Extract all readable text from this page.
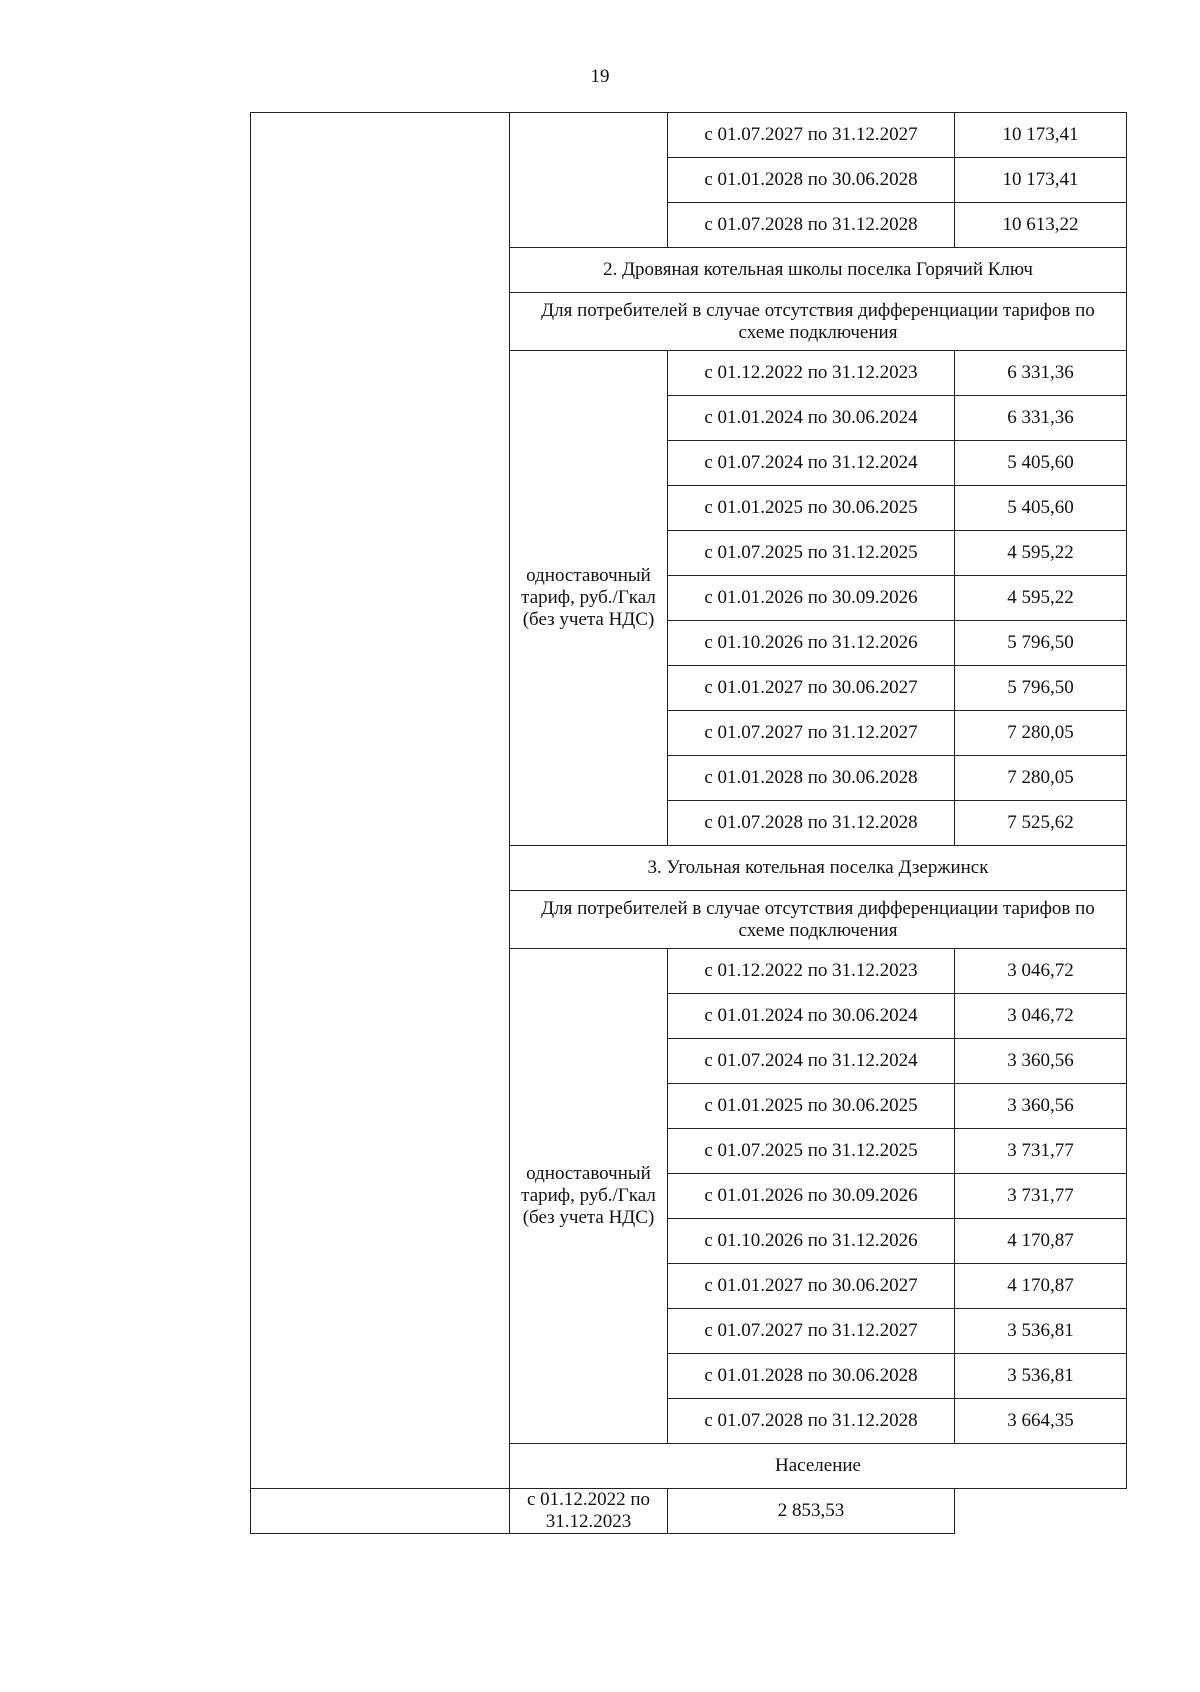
19
		с 01.07.2027 по 31.12.2027	10 173,41
		с 01.01.2028 по 30.06.2028	10 173,41
		с 01.07.2028 по 31.12.2028	10 613,22
	2. Дровяная котельная школы поселка Горячий Ключ		
	Для потребителей в случае отсутствия дифференциации тарифов по схеме подключения		
	одноставочный
тариф, руб./Гкал
(без учета НДС)	с 01.12.2022 по 31.12.2023	6 331,36
		с 01.01.2024 по 30.06.2024	6 331,36
		с 01.07.2024 по 31.12.2024	5 405,60
		с 01.01.2025 по 30.06.2025	5 405,60
		с 01.07.2025 по 31.12.2025	4 595,22
		с 01.01.2026 по 30.09.2026	4 595,22
		с 01.10.2026 по 31.12.2026	5 796,50
		с 01.01.2027 по 30.06.2027	5 796,50
		с 01.07.2027 по 31.12.2027	7 280,05
		с 01.01.2028 по 30.06.2028	7 280,05
		с 01.07.2028 по 31.12.2028	7 525,62
	3. Угольная котельная поселка Дзержинск		
	Для потребителей в случае отсутствия дифференциации тарифов по схеме подключения		
	одноставочный
тариф, руб./Гкал
(без учета НДС)	с 01.12.2022 по 31.12.2023	3 046,72
		с 01.01.2024 по 30.06.2024	3 046,72
		с 01.07.2024 по 31.12.2024	3 360,56
		с 01.01.2025 по 30.06.2025	3 360,56
		с 01.07.2025 по 31.12.2025	3 731,77
		с 01.01.2026 по 30.09.2026	3 731,77
		с 01.10.2026 по 31.12.2026	4 170,87
		с 01.01.2027 по 30.06.2027	4 170,87
		с 01.07.2027 по 31.12.2027	3 536,81
		с 01.01.2028 по 30.06.2028	3 536,81
		с 01.07.2028 по 31.12.2028	3 664,35
	Население		
	с 01.12.2022 по 31.12.2023	2 853,53	
